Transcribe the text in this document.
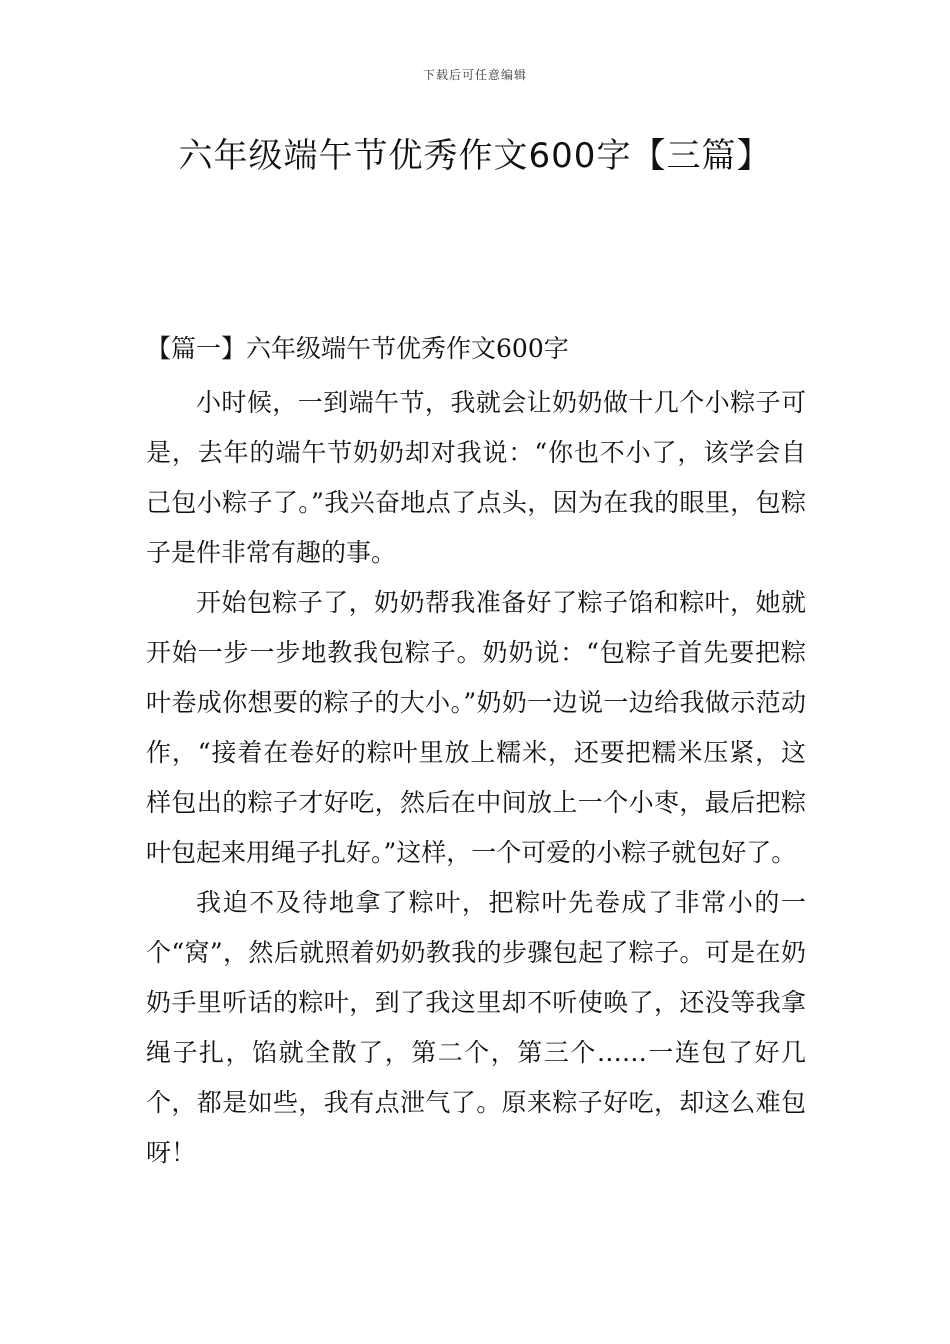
下载后可任意编辑
六年级端午节优秀作文600字【三篇】
【篇一】六年级端午节优秀作文600字

小时候，一到端午节，我就会让奶奶做十几个小粽子可是，去年的端午节奶奶却对我说：“你也不小了，该学会自己包小粽子了。”我兴奋地点了点头，因为在我的眼里，包粽子是件非常有趣的事。

开始包粽子了，奶奶帮我准备好了粽子馅和粽叶，她就开始一步一步地教我包粽子。奶奶说：“包粽子首先要把粽叶卷成你想要的粽子的大小。”奶奶一边说一边给我做示范动作，“接着在卷好的粽叶里放上糯米，还要把糯米压紧，这样包出的粽子才好吃，然后在中间放上一个小枣，最后把粽叶包起来用绳子扎好。”这样，一个可爱的小粽子就包好了。

我迫不及待地拿了粽叶，把粽叶先卷成了非常小的一个“窝”，然后就照着奶奶教我的步骤包起了粽子。可是在奶奶手里听话的粽叶，到了我这里却不听使唤了，还没等我拿绳子扎，馅就全散了，第二个，第三个……一连包了好几个，都是如些，我有点泄气了。原来粽子好吃，却这么难包呀！
